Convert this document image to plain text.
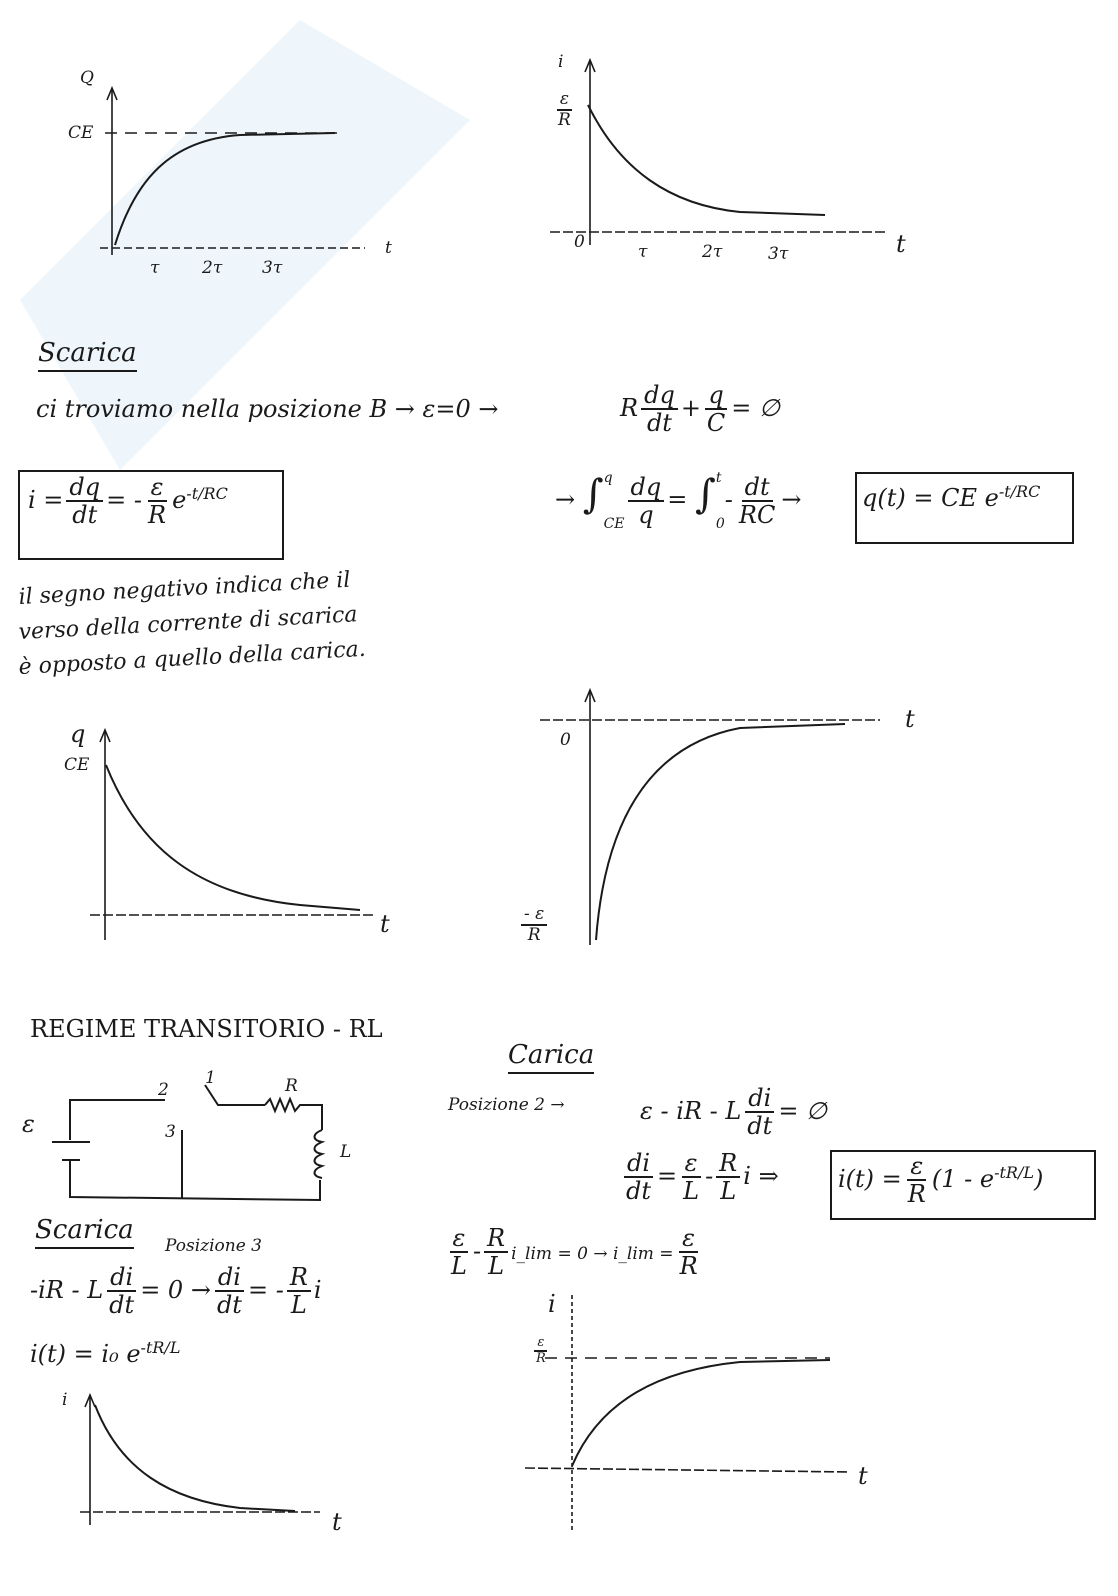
Q
CE
τ	2τ 3τ
t
i
$\frac{\varepsilon}{R}$
0	τ	2τ	3τ	t
Scarica
ci troviamo nella posizione B → ε=0 →	R $\frac{dq}{dt} + \frac{q}{C}$ = ∅
$i = \frac{dq}{dt}$ = - $\frac{\varepsilon}{R} e^{-t/RC}$	→ ∫ q
CE $\frac{dq}{q}$ = ∫ t
0
- $\frac{dt}{RC}$ →	q(t) = CE $e^{-t/RC}$
il segno negativo indica che il
verso della corrente di scarica
è opposto a quello della carica.
q
CE
t
0
t
$\frac{- \varepsilon}{R}$
REGIME TRANSITORIO - RL
ε
1
2
3
R
L
Carica
Posizione 2 →	ε - iR - L $\frac{di}{dt}$ = ∅
$\frac{di}{dt} = \frac{\varepsilon}{L} - \frac{R}{L}$ i ⇒ $i(t) = \frac{\varepsilon}{R} (1 - e^{-tR/L})$
$\frac{\varepsilon}{L} - \frac{R}{L}$ i_lim = 0 → i_lim = $\frac{\varepsilon}{R}$
Scarica
Posizione 3
-iR - L $\frac{di}{dt} = 0 \to \frac{di}{dt}$ = - $\frac{R}{L}$ i
i(t) = i₀ $e^{-tR/L}$
i
t
i
$\frac{\varepsilon}{R}$
t
